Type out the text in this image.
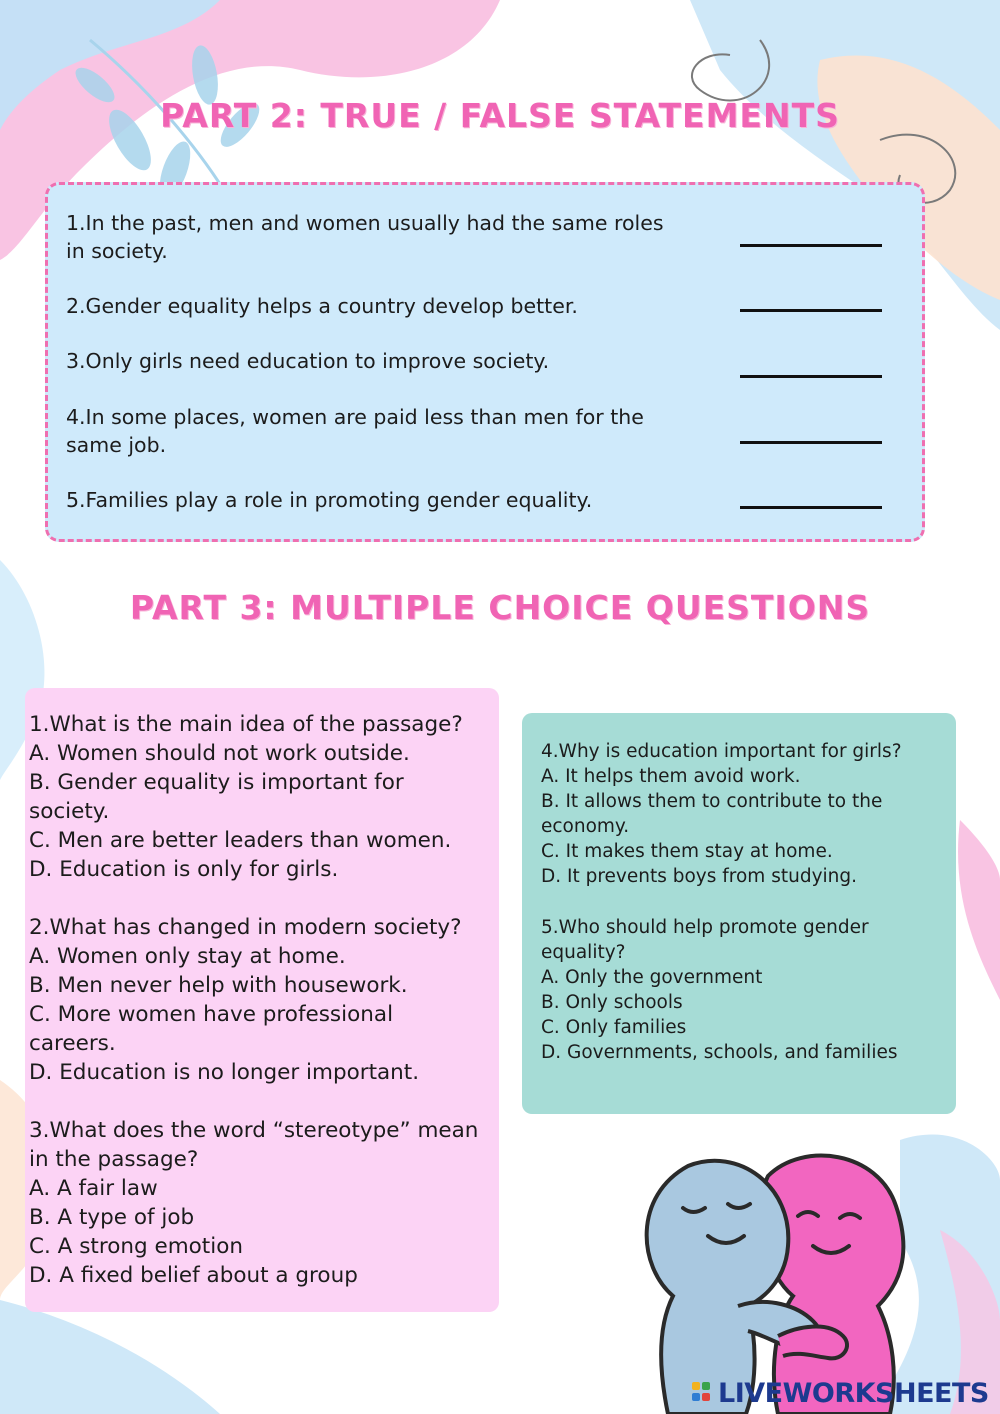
PART 2: TRUE / FALSE STATEMENTS
1.In the past, men and women usually had the same roles
in society.
2.Gender equality helps a country develop better.
3.Only girls need education to improve society.
4.In some places, women are paid less than men for the
same job.
5.Families play a role in promoting gender equality.
PART 3: MULTIPLE CHOICE QUESTIONS
1.What is the main idea of the passage?
A. Women should not work outside.
B. Gender equality is important for
society.
C. Men are better leaders than women.
D. Education is only for girls.
2.What has changed in modern society?
A. Women only stay at home.
B. Men never help with housework.
C. More women have professional
careers.
D. Education is no longer important.
3.What does the word “stereotype” mean
in the passage?
A. A fair law
B. A type of job
C. A strong emotion
D. A fixed belief about a group
4.Why is education important for girls?
A. It helps them avoid work.
B. It allows them to contribute to the
economy.
C. It makes them stay at home.
D. It prevents boys from studying.
5.Who should help promote gender
equality?
A. Only the government
B. Only schools
C. Only families
D. Governments, schools, and families
LIVEWORKSHEETS
